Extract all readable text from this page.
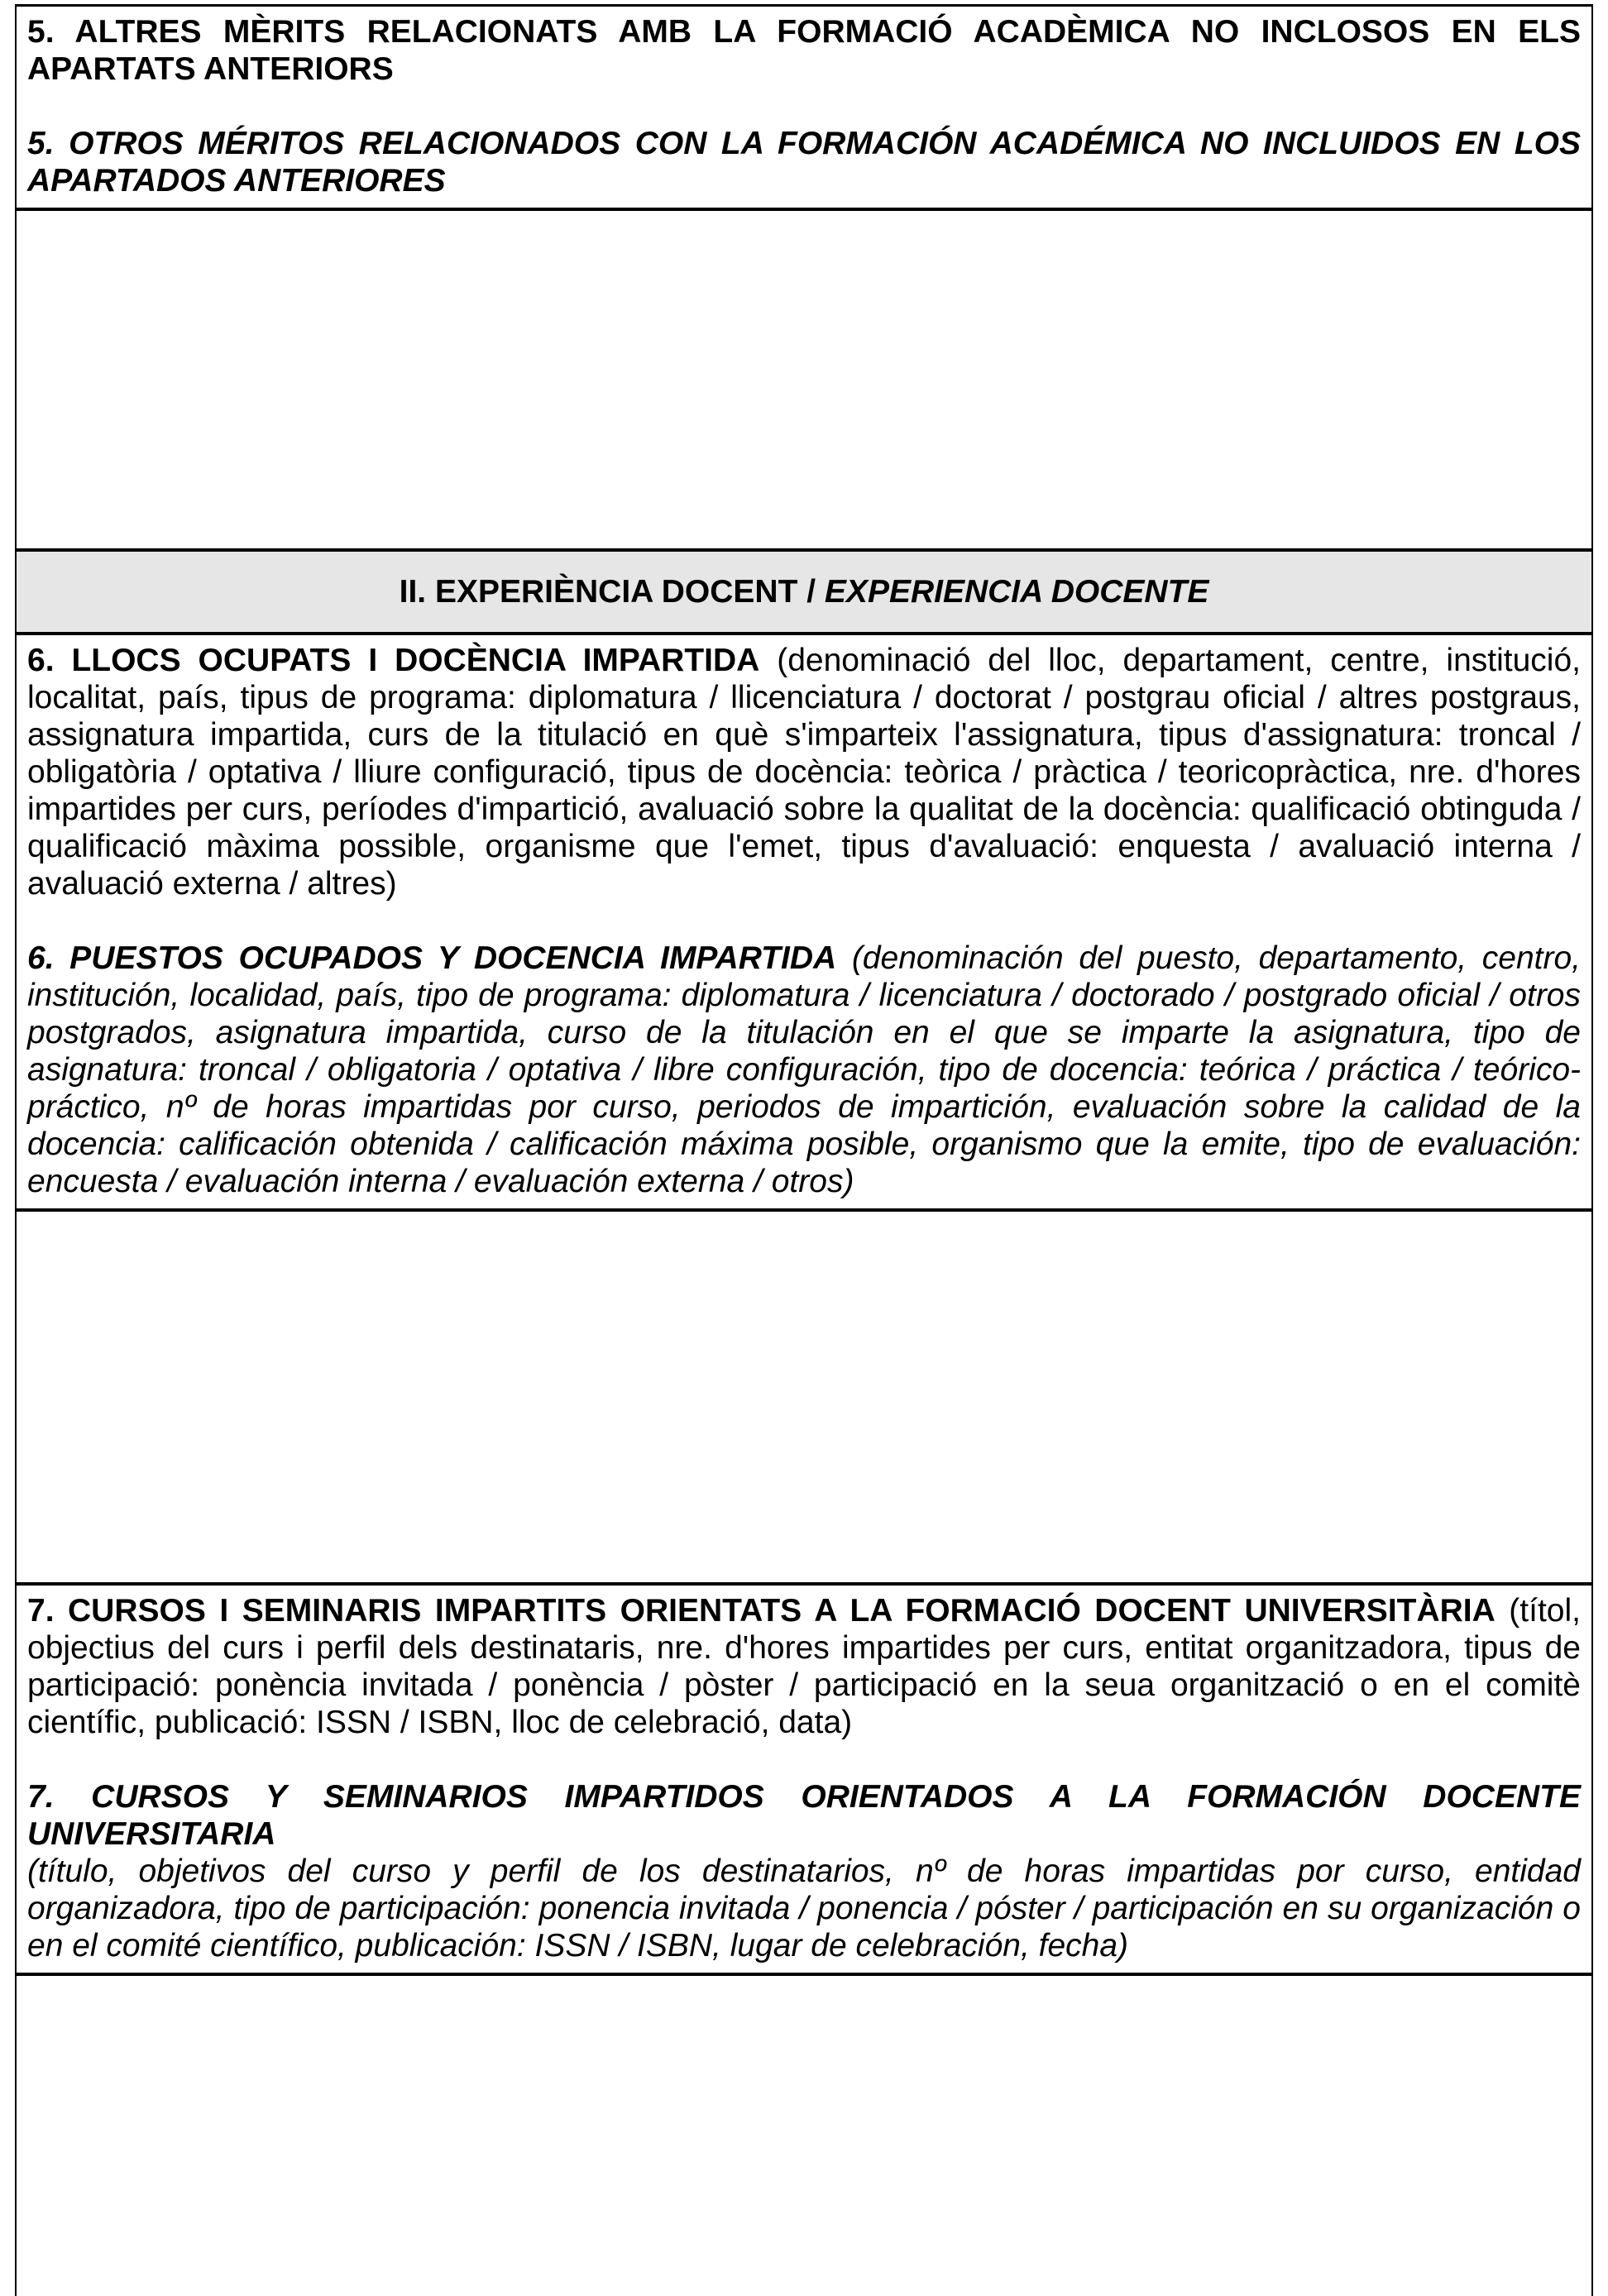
5. ALTRES MÈRITS RELACIONATS AMB LA FORMACIÓ ACADÈMICA NO INCLOSOS EN ELS APARTATS ANTERIORS

5. OTROS MÉRITOS RELACIONADOS CON LA FORMACIÓN ACADÉMICA NO INCLUIDOS EN LOS APARTADOS ANTERIORES

II. EXPERIÈNCIA DOCENT / EXPERIENCIA DOCENTE

6. LLOCS OCUPATS I DOCÈNCIA IMPARTIDA (denominació del lloc, departament, centre, institució, localitat, país, tipus de programa: diplomatura / llicenciatura / doctorat / postgrau oficial / altres postgraus, assignatura impartida, curs de la titulació en què s'imparteix l'assignatura, tipus d'assignatura: troncal / obligatòria / optativa / lliure configuració, tipus de docència: teòrica / pràctica / teoricopràctica, nre. d'hores impartides per curs, períodes d'impartició, avaluació sobre la qualitat de la docència: qualificació obtinguda / qualificació màxima possible, organisme que l'emet, tipus d'avaluació: enquesta / avaluació interna / avaluació externa / altres)

6. PUESTOS OCUPADOS Y DOCENCIA IMPARTIDA (denominación del puesto, departamento, centro, institución, localidad, país, tipo de programa: diplomatura / licenciatura / doctorado / postgrado oficial / otros postgrados, asignatura impartida, curso de la titulación en el que se imparte la asignatura, tipo de asignatura: troncal / obligatoria / optativa / libre configuración, tipo de docencia: teórica / práctica / teórico-práctico, nº de horas impartidas por curso, periodos de impartición, evaluación sobre la calidad de la docencia: calificación obtenida / calificación máxima posible, organismo que la emite, tipo de evaluación: encuesta / evaluación interna / evaluación externa / otros)

7. CURSOS I SEMINARIS IMPARTITS ORIENTATS A LA FORMACIÓ DOCENT UNIVERSITÀRIA (títol, objectius del curs i perfil dels destinataris, nre. d'hores impartides per curs, entitat organitzadora, tipus de participació: ponència invitada / ponència / pòster / participació en la seua organització o en el comitè científic, publicació: ISSN / ISBN, lloc de celebració, data)

7. CURSOS Y SEMINARIOS IMPARTIDOS ORIENTADOS A LA FORMACIÓN DOCENTE UNIVERSITARIA
(título, objetivos del curso y perfil de los destinatarios, nº de horas impartidas por curso, entidad organizadora, tipo de participación: ponencia invitada / ponencia / póster / participación en su organización o en el comité científico, publicación: ISSN / ISBN, lugar de celebración, fecha)
